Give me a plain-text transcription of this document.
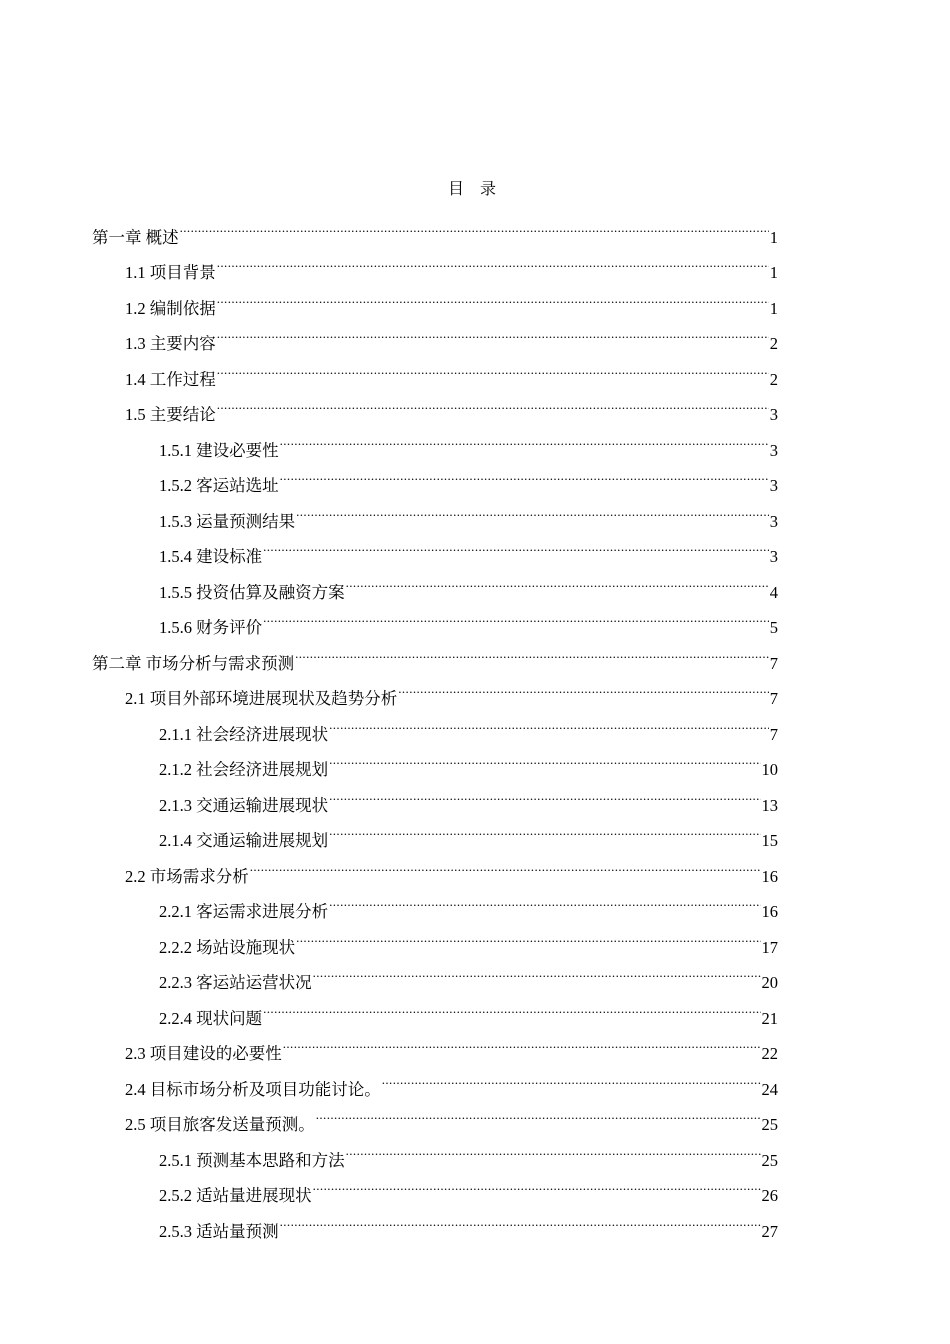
目 录
第一章 概述 .....	1
1.1 项目背景 .....	1
1.2 编制依据 .....	1
1.3 主要内容 .....	2
1.4 工作过程 .....	2
1.5 主要结论 .....	3
1.5.1 建设必要性 .....	3
1.5.2 客运站选址 .....	3
1.5.3 运量预测结果 .....	3
1.5.4 建设标准 .....	3
1.5.5 投资估算及融资方案 .....	4
1.5.6 财务评价 .....	5
第二章 市场分析与需求预测 .....	7
2.1 项目外部环境进展现状及趋势分析 .....	7
2.1.1 社会经济进展现状 .....	7
2.1.2 社会经济进展规划 .....	10
2.1.3 交通运输进展现状 .....	13
2.1.4 交通运输进展规划 .....	15
2.2 市场需求分析 .....	16
2.2.1 客运需求进展分析 .....	16
2.2.2 场站设施现状 .....	17
2.2.3 客运站运营状况 .....	20
2.2.4 现状问题 .....	21
2.3 项目建设的必要性 .....	22
2.4 目标市场分析及项目功能讨论。 .....	24
2.5 项目旅客发送量预测。 .....	25
2.5.1 预测基本思路和方法 .....	25
2.5.2 适站量进展现状 .....	26
2.5.3 适站量预测 .....	27
